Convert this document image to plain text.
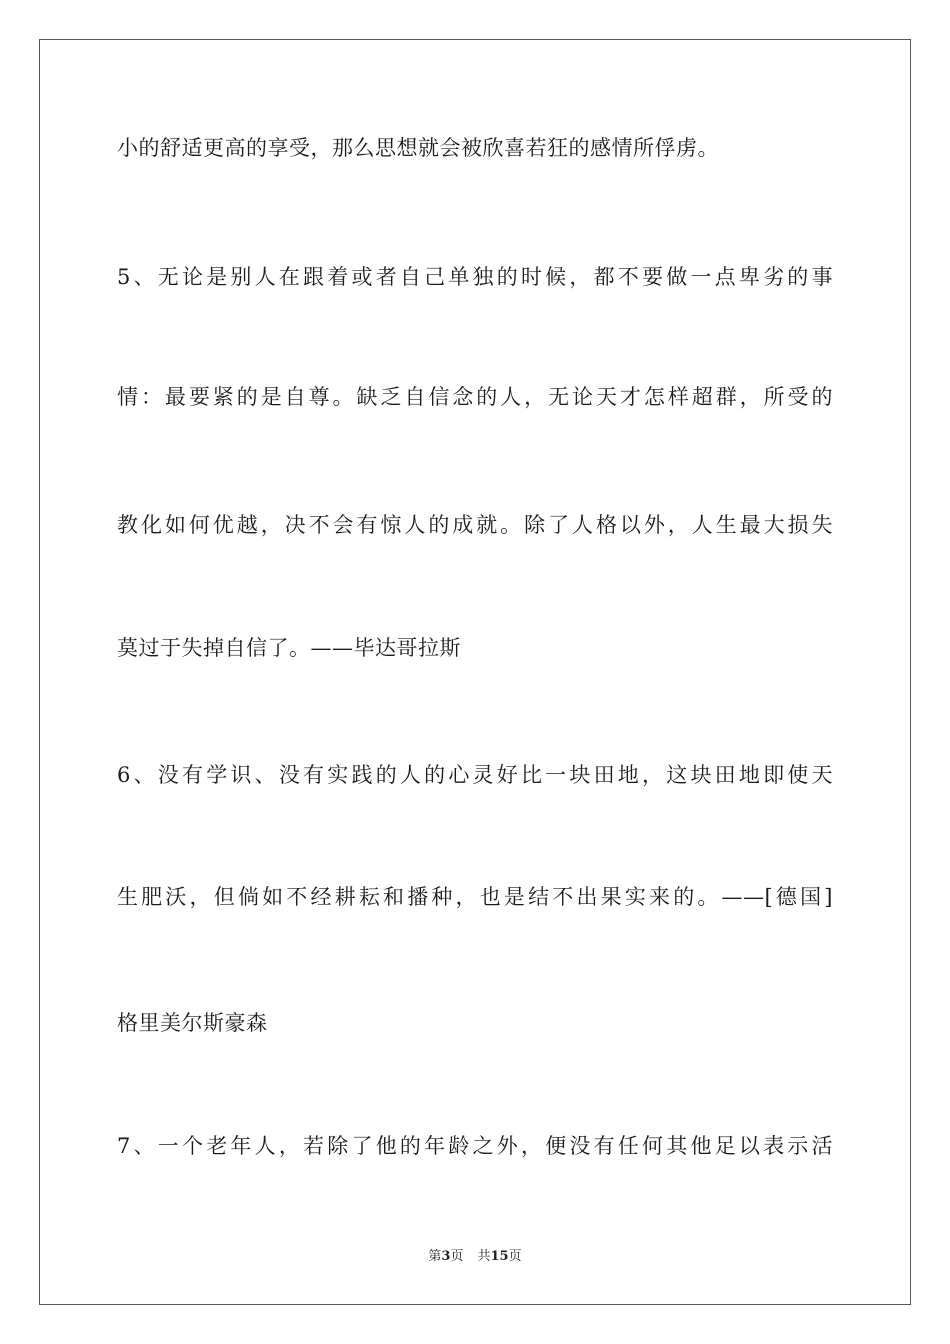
小的舒适更高的享受，那么思想就会被欣喜若狂的感情所俘虏。
5、无论是别人在跟着或者自己单独的时候，都不要做一点卑劣的事
情：最要紧的是自尊。缺乏自信念的人，无论天才怎样超群，所受的
教化如何优越，决不会有惊人的成就。除了人格以外，人生最大损失
莫过于失掉自信了。——毕达哥拉斯
6、没有学识、没有实践的人的心灵好比一块田地，这块田地即使天
生肥沃，但倘如不经耕耘和播种，也是结不出果实来的。——[德国]
格里美尔斯豪森
7、一个老年人，若除了他的年龄之外，便没有任何其他足以表示活
第3页 共15页
